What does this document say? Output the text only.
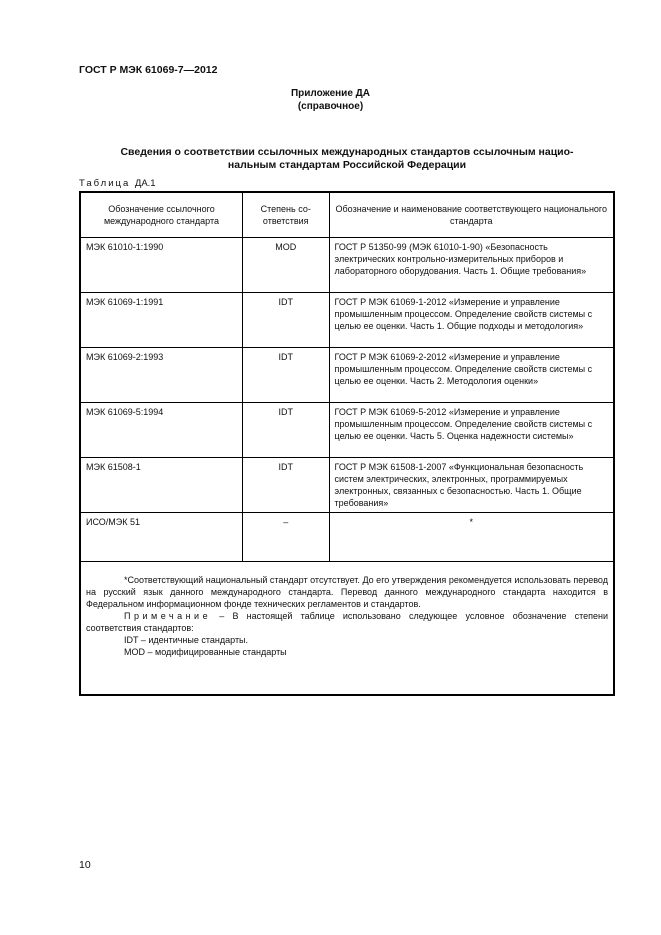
ГОСТ Р МЭК 61069-7—2012
Приложение ДА
(справочное)
Сведения о соответствии ссылочных международных стандартов ссылочным нацио-
нальным стандартам Российской Федерации
Таблица ДА.1
Обозначение ссылочного международного стандарта	Степень со-ответствия	Обозначение и наименование соответствующего национального стандарта
МЭК 61010-1:1990	MOD	ГОСТ Р 51350-99 (МЭК 61010-1-90) «Безопасность электрических контрольно-измерительных приборов и лабораторного оборудования. Часть 1. Общие требования»
МЭК 61069-1:1991	IDT	ГОСТ Р МЭК 61069-1-2012 «Измерение и управление промышленным процессом. Определение свойств системы с целью ее оценки. Часть 1. Общие подходы и методология»
МЭК 61069-2:1993	IDT	ГОСТ Р МЭК 61069-2-2012 «Измерение и управление промышленным процессом. Определение свойств системы с целью ее оценки. Часть 2. Методология оценки»
МЭК 61069-5:1994	IDT	ГОСТ Р МЭК 61069-5-2012 «Измерение и управление промышленным процессом. Определение свойств системы с целью ее оценки. Часть 5. Оценка надежности системы»
МЭК 61508-1	IDT	ГОСТ Р МЭК 61508-1-2007 «Функциональная безопасность систем электрических, электронных, программируемых электронных, связанных с безопасностью. Часть 1. Общие требования»
ИСО/МЭК 51	–	*

*Соответствующий национальный стандарт отсутствует. До его утверждения рекомендуется использовать перевод на русский язык данного международного стандарта. Перевод данного международного стандарта находится в Федеральном информационном фонде технических регламентов и стандартов.

Примечание – В настоящей таблице использовано следующее условное обозначение степени соответствия стандартов:

IDT – идентичные стандарты.

MOD – модифицированные стандарты		

10
